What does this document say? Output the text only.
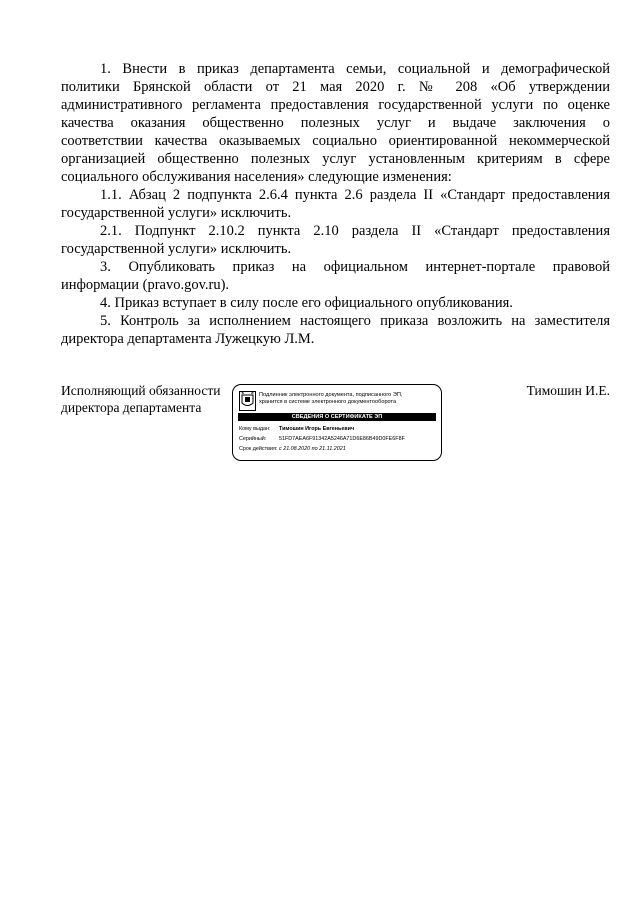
1. Внести в приказ департамента семьи, социальной и демографической
политики Брянской области от 21 мая 2020 г. № 208 «Об утверждении
административного регламента предоставления государственной услуги по оценке
качества оказания общественно полезных услуг и выдаче заключения о
соответствии качества оказываемых социально ориентированной некоммерческой
организацией общественно полезных услуг установленным критериям в сфере
социального обслуживания населения» следующие изменения:
1.1. Абзац 2 подпункта 2.6.4 пункта 2.6 раздела II «Стандарт предоставления
государственной услуги» исключить.
2.1. Подпункт 2.10.2 пункта 2.10 раздела II «Стандарт предоставления
государственной услуги» исключить.
3. Опубликовать приказ на официальном интернет-портале правовой
информации (pravo.gov.ru).
4. Приказ вступает в силу после его официального опубликования.
5. Контроль за исполнением настоящего приказа возложить на заместителя
директора департамента Лужецкую Л.М.
Исполняющий обязанности
директора департамента
Подлинник электронного документа, подписанного ЭП,
хранится в системе электронного документооборота
СВЕДЕНИЯ О СЕРТИФИКАТЕ ЭП
Кому выдан: Тимошин Игорь Евгеньевич
Серийный: 51FD7AEA6F91342A5246A71D6E86B49D0FE6F8F
Срок действия: с 21.08.2020 по 21.11.2021
Тимошин И.Е.
